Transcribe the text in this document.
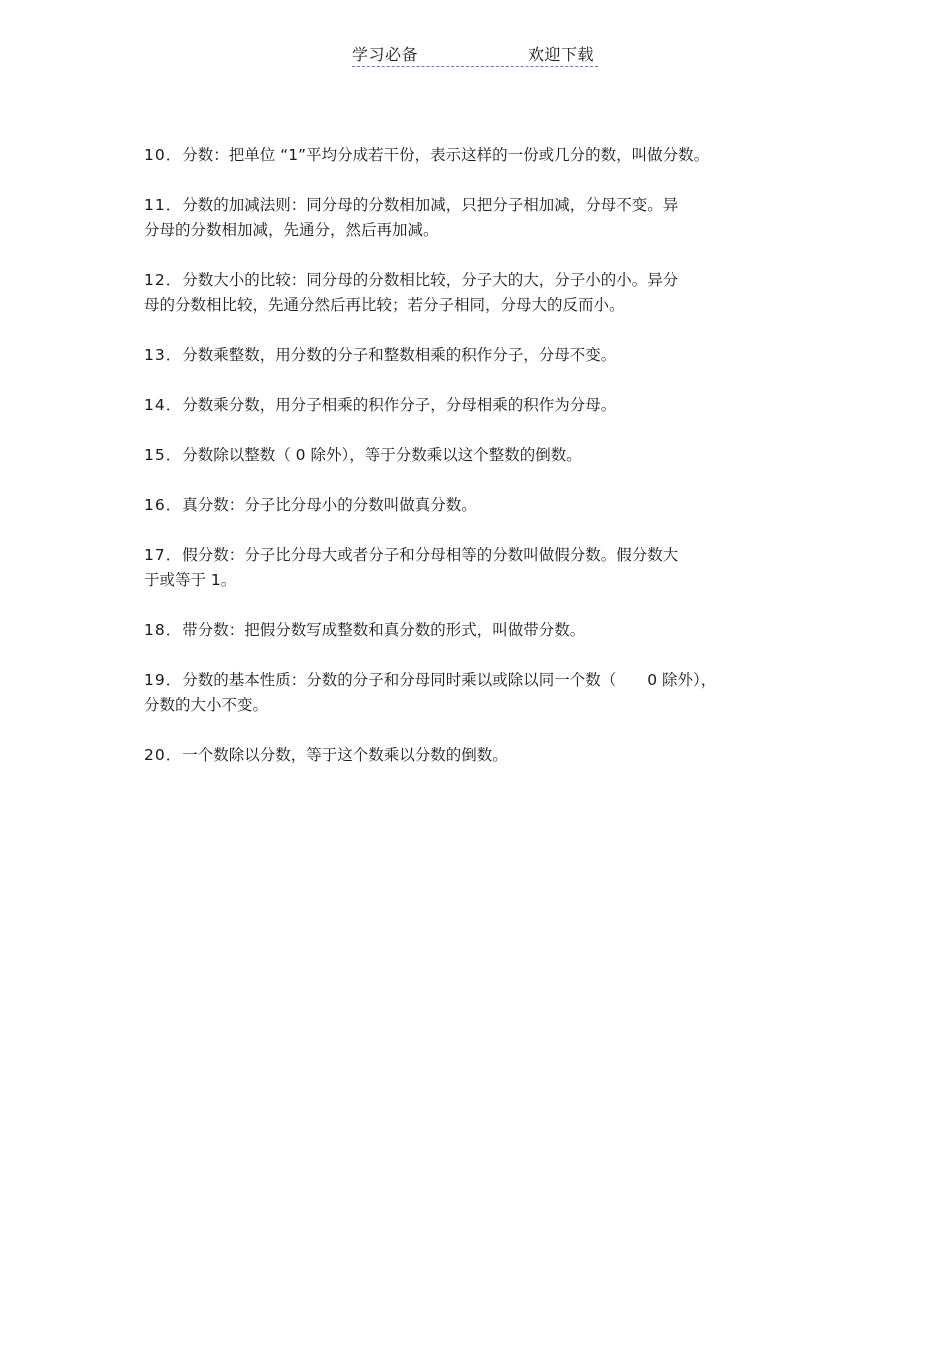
学习必备	欢迎下载
10．分数：把单位 “1”平均分成若干份，表示这样的一份或几分的数，叫做分数。
11．分数的加减法则：同分母的分数相加减，只把分子相加减，分母不变。异
分母的分数相加减，先通分，然后再加减。
12．分数大小的比较：同分母的分数相比较，分子大的大，分子小的小。异分
母的分数相比较，先通分然后再比较；若分子相同，分母大的反而小。
13．分数乘整数，用分数的分子和整数相乘的积作分子，分母不变。
14．分数乘分数，用分子相乘的积作分子，分母相乘的积作为分母。
15．分数除以整数（ 0 除外），等于分数乘以这个整数的倒数。
16．真分数：分子比分母小的分数叫做真分数。
17．假分数：分子比分母大或者分子和分母相等的分数叫做假分数。假分数大
于或等于 1。
18．带分数：把假分数写成整数和真分数的形式，叫做带分数。
19．分数的基本性质：分数的分子和分母同时乘以或除以同一个数（　　0 除外），
分数的大小不变。
20．一个数除以分数，等于这个数乘以分数的倒数。
